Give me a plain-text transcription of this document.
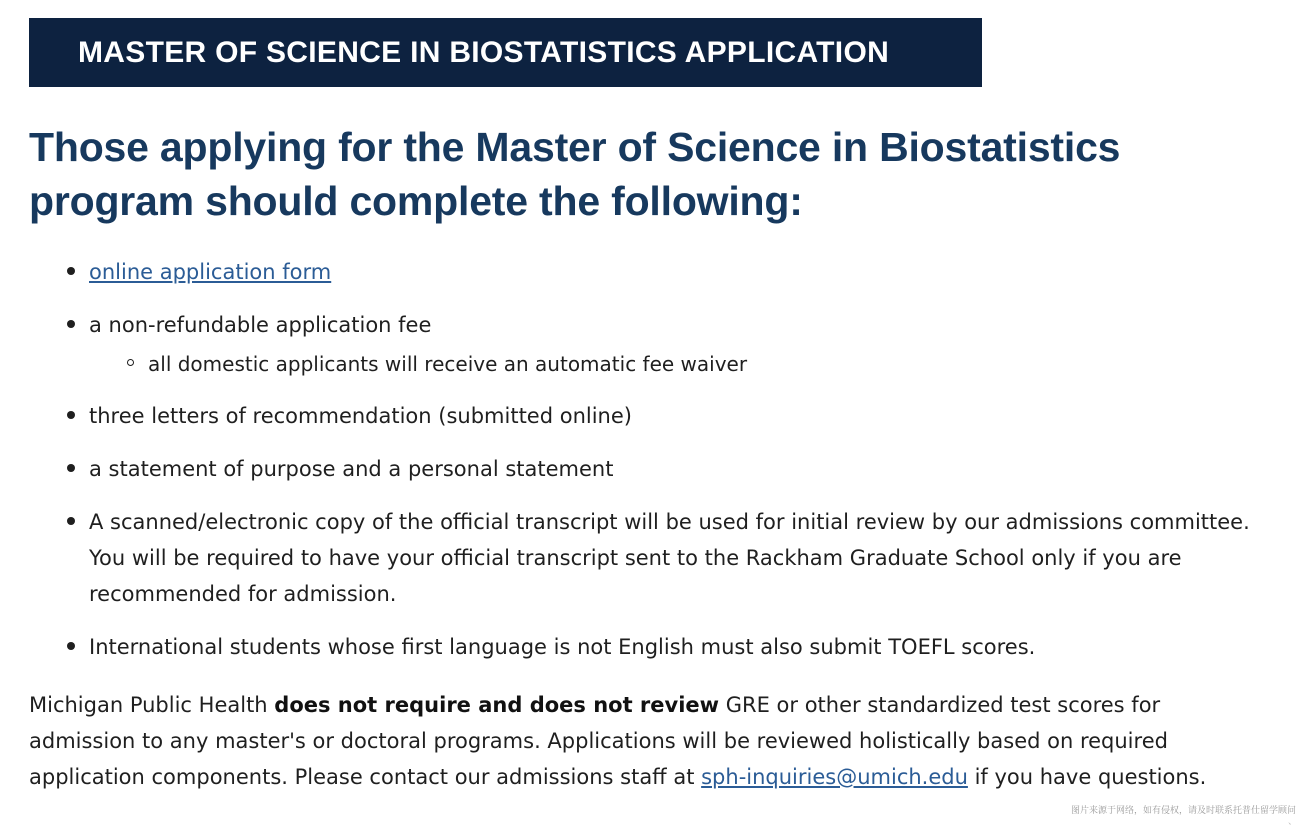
MASTER OF SCIENCE IN BIOSTATISTICS APPLICATION
Those applying for the Master of Science in Biostatistics program should complete the following:
online application form
a non-refundable application fee
all domestic applicants will receive an automatic fee waiver
three letters of recommendation (submitted online)
a statement of purpose and a personal statement
A scanned/electronic copy of the official transcript will be used for initial review by our admissions committee. You will be required to have your official transcript sent to the Rackham Graduate School only if you are recommended for admission.
International students whose first language is not English must also submit TOEFL scores.

Michigan Public Health does not require and does not review GRE or other standardized test scores for admission to any master's or doctoral programs. Applications will be reviewed holistically based on required application components. Please contact our admissions staff at sph-inquiries@umich.edu if you have questions.

图片来源于网络，如有侵权，请及时联系托普仕留学顾问
、
